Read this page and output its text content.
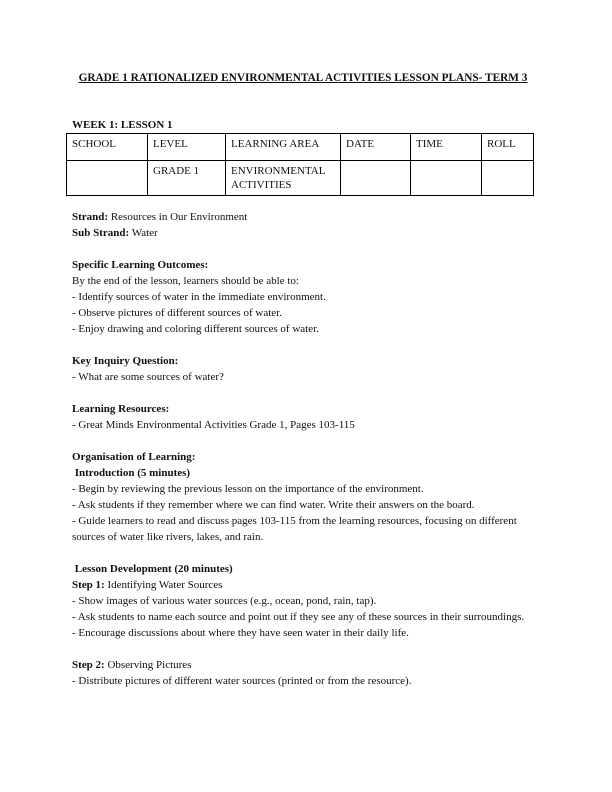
GRADE 1 RATIONALIZED ENVIRONMENTAL ACTIVITIES LESSON PLANS- TERM 3
WEEK 1: LESSON 1
SCHOOL	LEVEL	LEARNING AREA	DATE	TIME	ROLL
	GRADE 1	ENVIRONMENTAL ACTIVITIES			

Strand: Resources in Our Environment
Sub Strand: Water

Specific Learning Outcomes:
By the end of the lesson, learners should be able to:
- Identify sources of water in the immediate environment.
- Observe pictures of different sources of water.
- Enjoy drawing and coloring different sources of water.

Key Inquiry Question:
- What are some sources of water?

Learning Resources:
- Great Minds Environmental Activities Grade 1, Pages 103-115

Organisation of Learning:
Introduction (5 minutes)
- Begin by reviewing the previous lesson on the importance of the environment.
- Ask students if they remember where we can find water. Write their answers on the board.
- Guide learners to read and discuss pages 103-115 from the learning resources, focusing on different sources of water like rivers, lakes, and rain.

Lesson Development (20 minutes)
Step 1: Identifying Water Sources
- Show images of various water sources (e.g., ocean, pond, rain, tap).
- Ask students to name each source and point out if they see any of these sources in their surroundings.
- Encourage discussions about where they have seen water in their daily life.

Step 2: Observing Pictures
- Distribute pictures of different water sources (printed or from the resource).
